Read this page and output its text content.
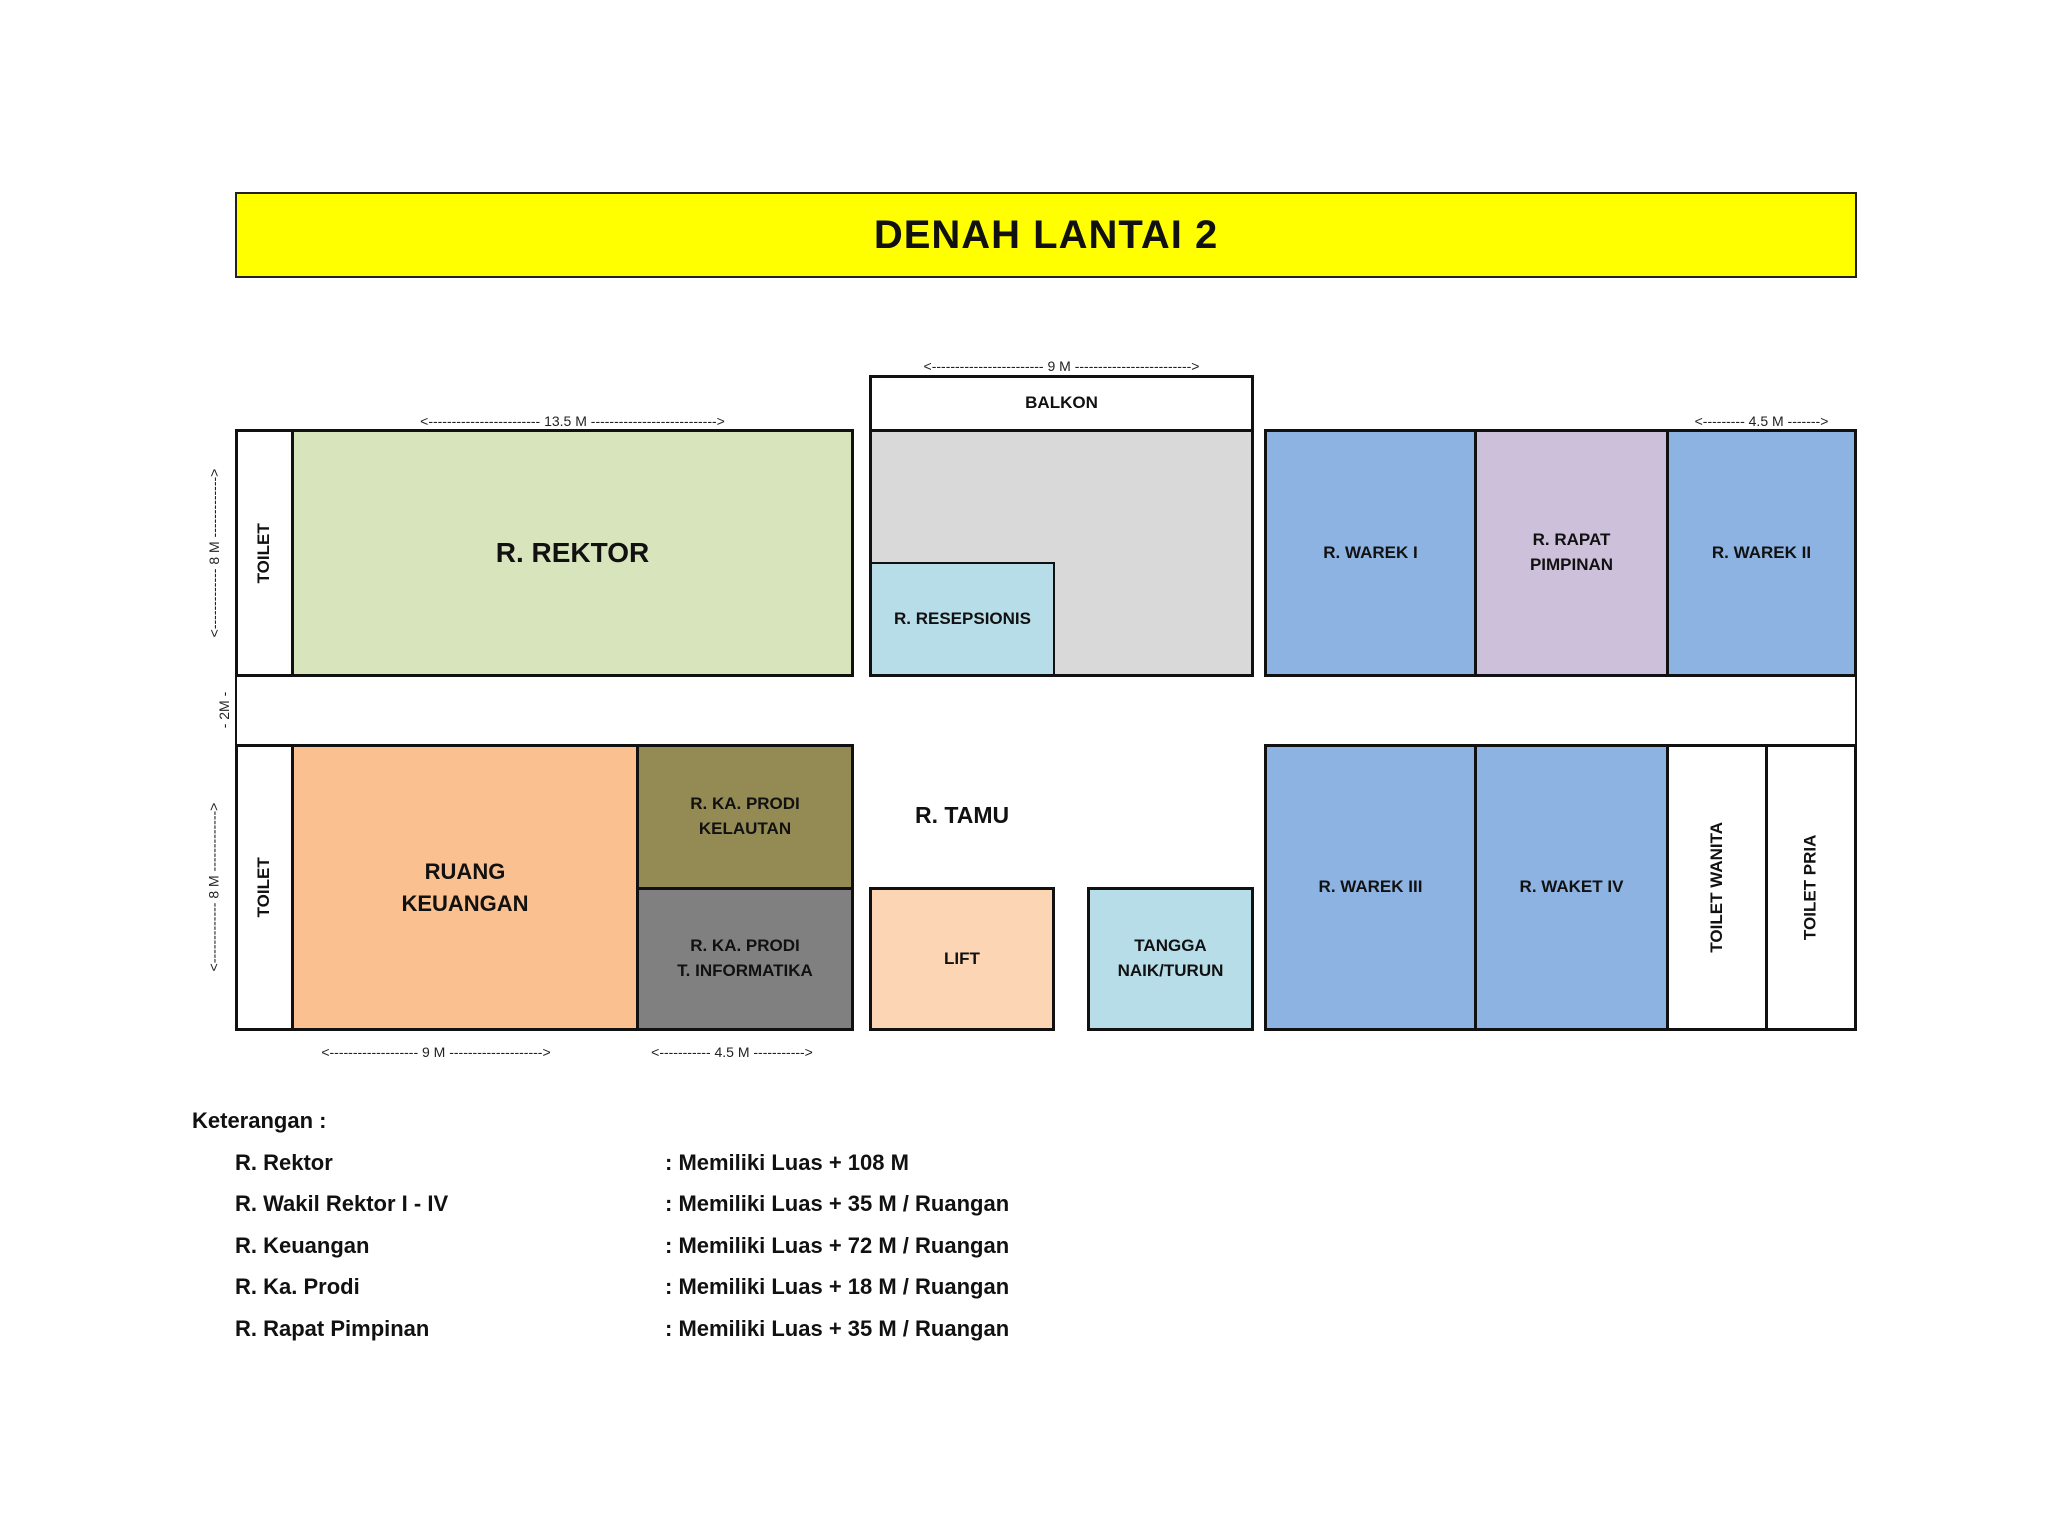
DENAH LANTAI 2
TOILET	R. REKTOR
BALKON
R. RESEPSIONIS
R. WAREK I
R. RAPAT
PIMPINAN
R. WAREK II
TOILET	RUANG
KEUANGAN
R. KA. PRODI
KELAUTAN
R. KA. PRODI
T. INFORMATIKA
R. TAMU
LIFT
TANGGA
NAIK/TURUN
R. WAREK III	R. WAKET IV	TOILET WANITA	TOILET PRIA
<------------------------ 9 M ------------------------->
<------------------------ 13.5 M --------------------------->	<--------- 4.5 M ------->
<------------- 8 M ------------->
- 2M -
<------------- 8 M ------------->
<------------------- 9 M -------------------->	<----------- 4.5 M ----------->
Keterangan :
R. Rektor	: Memiliki Luas + 108 M
R. Wakil Rektor I - IV	: Memiliki Luas + 35 M / Ruangan
R. Keuangan	: Memiliki Luas + 72 M / Ruangan
R. Ka. Prodi	: Memiliki Luas + 18 M / Ruangan
R. Rapat Pimpinan	: Memiliki Luas + 35 M / Ruangan
